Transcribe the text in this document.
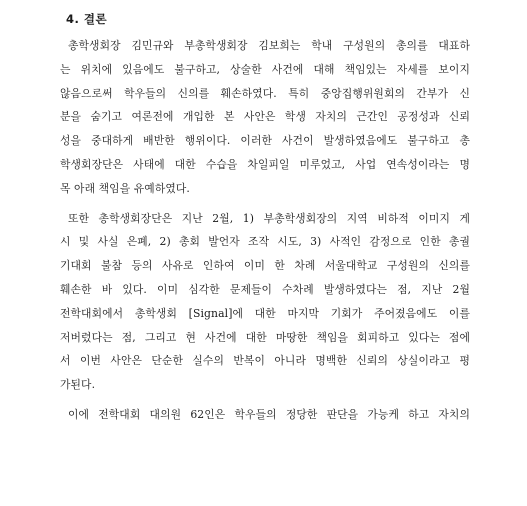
4. 결론
총학생회장 김민규와 부총학생회장 김보희는 학내 구성원의 총의를 대표하
는 위치에 있음에도 불구하고, 상술한 사건에 대해 책임있는 자세를 보이지
않음으로써 학우들의 신의를 훼손하였다. 특히 중앙집행위원회의 간부가 신
분을 숨기고 여론전에 개입한 본 사안은 학생 자치의 근간인 공정성과 신뢰
성을 중대하게 배반한 행위이다. 이러한 사건이 발생하였음에도 불구하고 총
학생회장단은 사태에 대한 수습을 차일피일 미루었고, 사업 연속성이라는 명
목 아래 책임을 유예하였다.
또한 총학생회장단은 지난 2월, 1) 부총학생회장의 지역 비하적 이미지 게
시 및 사실 은폐, 2) 총회 발언자 조작 시도, 3) 사적인 감정으로 인한 총궐
기대회 불참 등의 사유로 인하여 이미 한 차례 서울대학교 구성원의 신의를
훼손한 바 있다. 이미 심각한 문제들이 수차례 발생하였다는 점, 지난 2월
전학대회에서 총학생회 [Signal]에 대한 마지막 기회가 주어졌음에도 이를
저버렸다는 점, 그리고 현 사건에 대한 마땅한 책임을 회피하고 있다는 점에
서 이번 사안은 단순한 실수의 반복이 아니라 명백한 신뢰의 상실이라고 평
가된다.
이에 전학대회 대의원 62인은 학우들의 정당한 판단을 가능케 하고 자치의
